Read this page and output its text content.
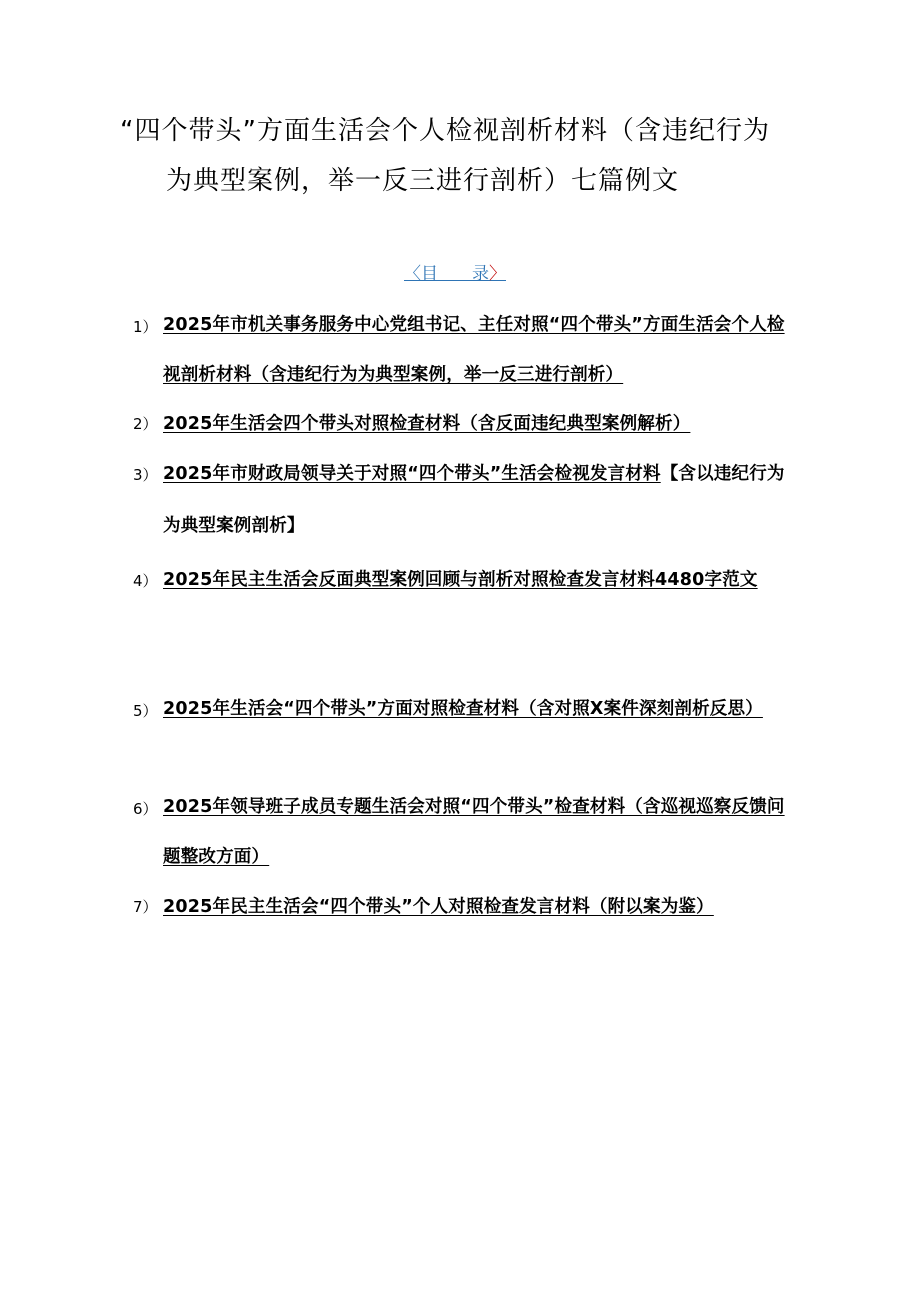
“四个带头”方面生活会个人检视剖析材料（含违纪行为
为典型案例，举一反三进行剖析）七篇例文
〈目　　录〉
1） 2025年市机关事务服务中心党组书记、主任对照“四个带头”方面生活会个人检视剖析材料（含违纪行为为典型案例，举一反三进行剖析）
2） 2025年生活会四个带头对照检查材料（含反面违纪典型案例解析）
3） 2025年市财政局领导关于对照“四个带头”生活会检视发言材料【含以违纪行为为典型案例剖析】
4） 2025年民主生活会反面典型案例回顾与剖析对照检查发言材料4480字范文
5） 2025年生活会“四个带头”方面对照检查材料（含对照X案件深刻剖析反思）
6） 2025年领导班子成员专题生活会对照“四个带头”检查材料（含巡视巡察反馈问题整改方面）
7） 2025年民主生活会“四个带头”个人对照检查发言材料（附以案为鉴）
